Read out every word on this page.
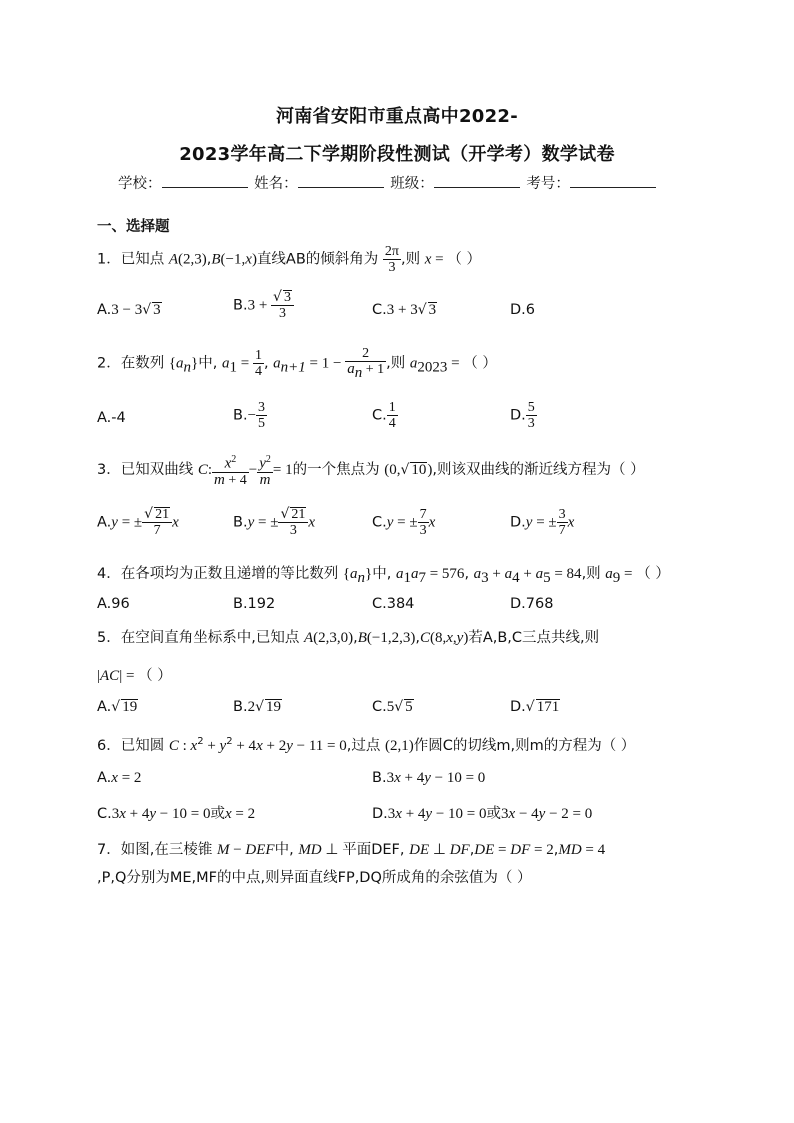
河南省安阳市重点高中2022-
2023学年高二下学期阶段性测试（开学考）数学试卷
学校：	姓名：	班级：	考号：
一、选择题
1．已知点 A(2,3),B(−1,x)直线AB的倾斜角为 $\frac{2\pi}{3}$ ,则 x = （ ）
A.3 − 3√ 3	$B.3 + \frac{√ 3}{3}$	C.3 + 3√ 3	D.6
2．在数列 $\{a_n\}$中, $a_1 = \frac{1}{4}$ , $a_{n+1} = 1 - \frac{2}{a_n + 1}$ ,则 $a_{2023}$ = （ ）
A.-4	$B.- \frac{3}{5}$	C. $\frac{1}{4}$	D. $\frac{5}{3}$
3．已知双曲线 C: $\frac{x^2}{m + 4} - \frac{y^2}{m} = 1$的一个焦点为 (0,√ 10),则该双曲线的渐近线方程为（ ）
A.y = ± $\frac{√ 21}{7}$ x	B.y = ± $\frac{√ 21}{3}$ x	C.y = ± $\frac{7}{3}$ x	D.y = ± $\frac{3}{7}$ x
4．在各项均为正数且递增的等比数列 $\{a_n\}$中, $a_1a_7 = 576$, $a_3 + a_4 + a_5 = 84$,则 $a_9$ = （ ）
A.96	B.192	C.384	D.768
5．在空间直角坐标系中,已知点 A(2,3,0),B(−1,2,3),C(8,x,y)若A,B,C三点共线,则
|AC| = （ ）
A.√ 19	B.2√ 19	C.5√ 5	D.√ 171
6．已知圆 C : $x^2 + y^2 + 4x + 2y - 11 = 0$,过点 (2,1)作圆C的切线m,则m的方程为（ ）
A.x = 2	B.3x + 4y − 10 = 0
C.3x + 4y − 10 = 0或x = 2	D.3x + 4y − 10 = 0或3x − 4y − 2 = 0
7．如图,在三棱锥 M − DEF中, MD ⊥ 平面DEF, DE ⊥ DF,DE = DF = 2,MD = 4
,P,Q分别为ME,MF的中点,则异面直线FP,DQ所成角的余弦值为（ ）
